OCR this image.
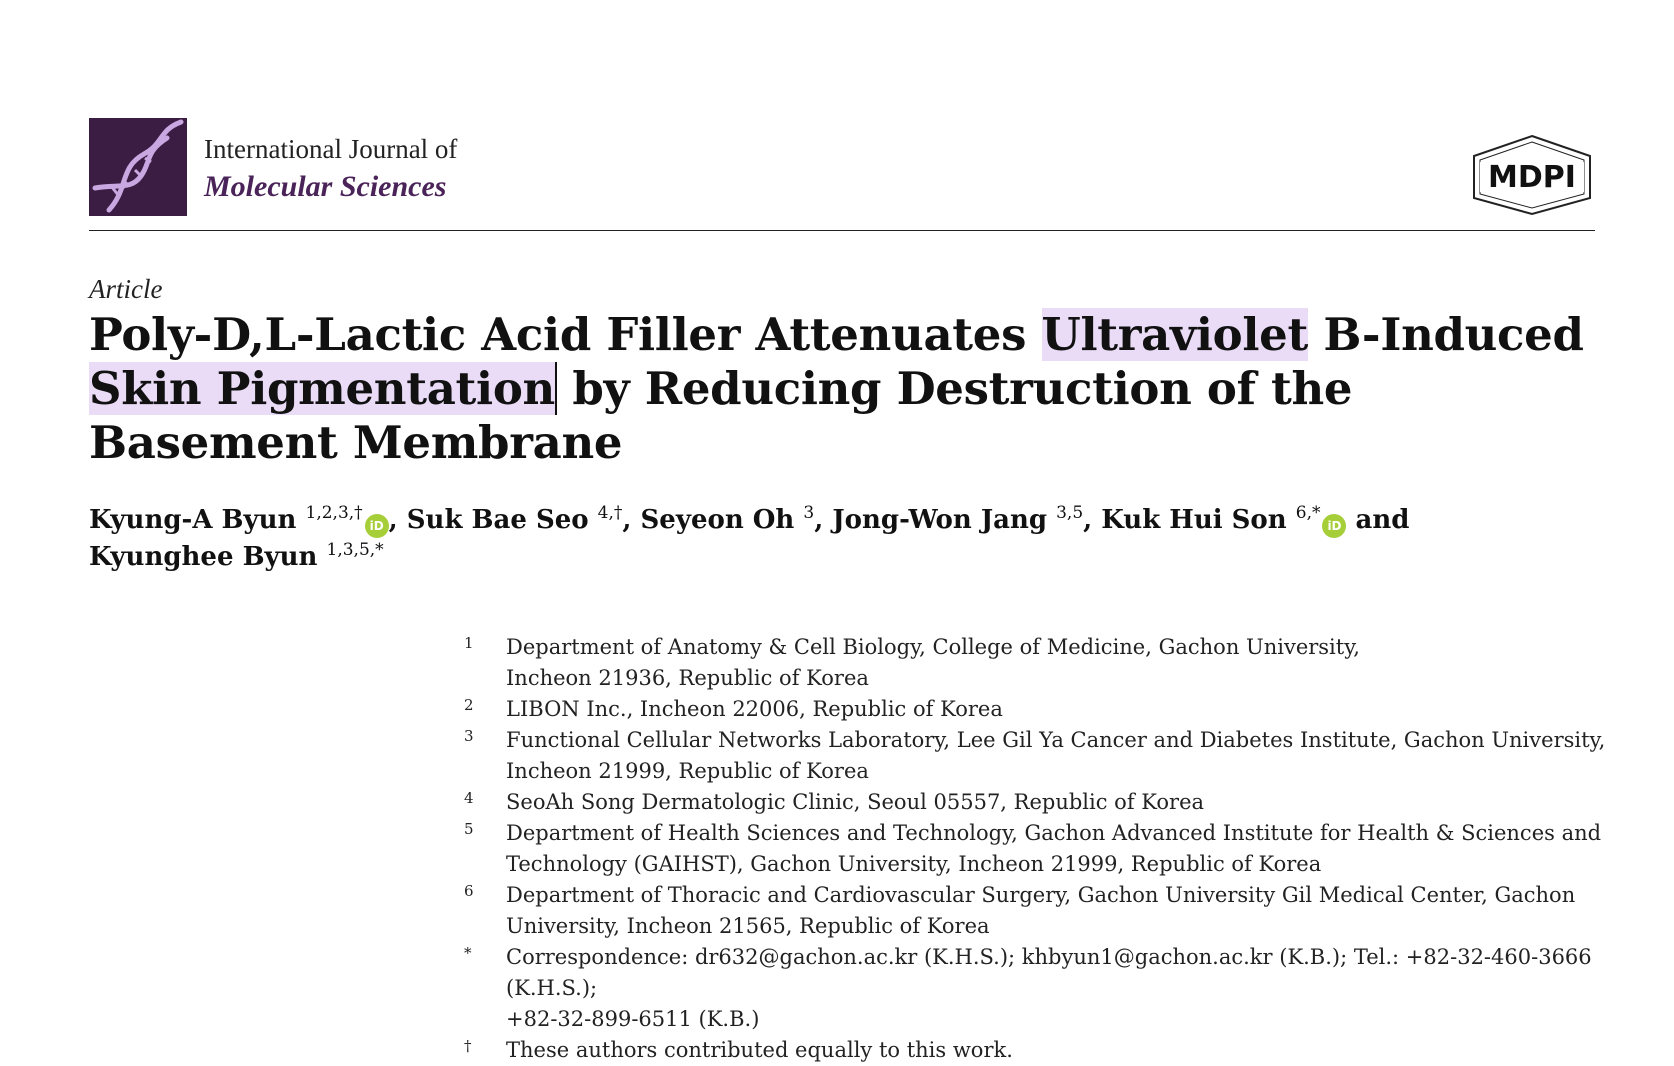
International Journal of
Molecular Sciences	MDPI
Article
Poly-D,L-Lactic Acid Filler Attenuates Ultraviolet B-Induced
Skin Pigmentation by Reducing Destruction of the
Basement Membrane
Kyung-A Byun $^{1,2,3,\dagger}$iD , Suk Bae Seo $^{4,\dagger}$, Seyeon Oh $^3$, Jong-Won Jang $^{3,5}$, Kuk Hui Son $^{6,*}$iD and
Kyunghee Byun $^{1,3,5,*}$
1 Department of Anatomy & Cell Biology, College of Medicine, Gachon University,
Incheon 21936, Republic of Korea
2 LIBON Inc., Incheon 22006, Republic of Korea
3 Functional Cellular Networks Laboratory, Lee Gil Ya Cancer and Diabetes Institute, Gachon University,
Incheon 21999, Republic of Korea
4 SeoAh Song Dermatologic Clinic, Seoul 05557, Republic of Korea
5 Department of Health Sciences and Technology, Gachon Advanced Institute for Health & Sciences and
Technology (GAIHST), Gachon University, Incheon 21999, Republic of Korea
6 Department of Thoracic and Cardiovascular Surgery, Gachon University Gil Medical Center, Gachon
University, Incheon 21565, Republic of Korea
* Correspondence: dr632@gachon.ac.kr (K.H.S.); khbyun1@gachon.ac.kr (K.B.); Tel.: +82-32-460-3666 (K.H.S.);
+82-32-899-6511 (K.B.)
† These authors contributed equally to this work.
